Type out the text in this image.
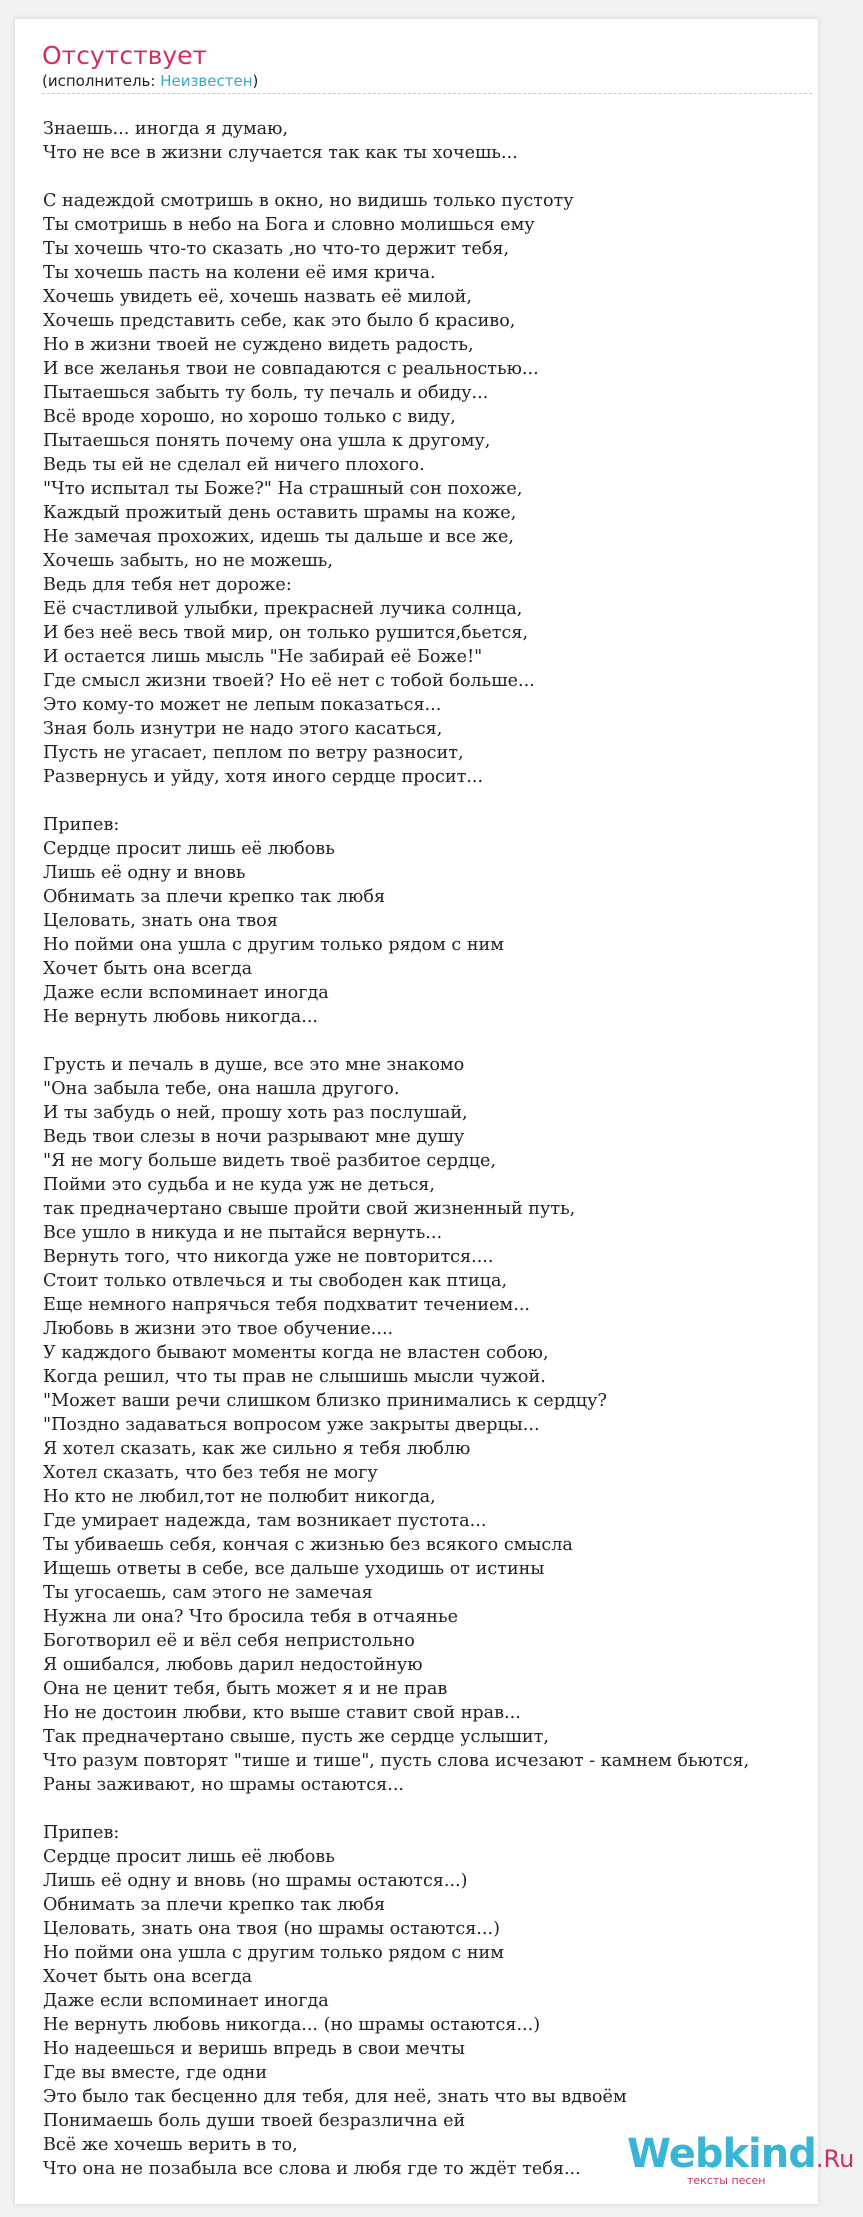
Отсутствует
(исполнитель: Неизвестен)
Знаешь... иногда я думаю,
Что не все в жизни случается так как ты хочешь...
С надеждой смотришь в окно, но видишь только пустоту
Ты смотришь в небо на Бога и словно молишься ему
Ты хочешь что-то сказать ,но что-то держит тебя,
Ты хочешь пасть на колени её имя крича.
Хочешь увидеть её, хочешь назвать её милой,
Хочешь представить себе, как это было б красиво,
Но в жизни твоей не суждено видеть радость,
И все желанья твои не совпадаются с реальностью...
Пытаешься забыть ту боль, ту печаль и обиду...
Всё вроде хорошо, но хорошо только с виду,
Пытаешься понять почему она ушла к другому,
Ведь ты ей не сделал ей ничего плохого.
"Что испытал ты Боже?" На страшный сон похоже,
Каждый прожитый день оставить шрамы на коже,
Не замечая прохожих, идешь ты дальше и все же,
Хочешь забыть, но не можешь,
Ведь для тебя нет дороже:
Её счастливой улыбки, прекрасней лучика солнца,
И без неё весь твой мир, он только рушится,бьется,
И остается лишь мысль "Не забирай её Боже!"
Где смысл жизни твоей? Но её нет с тобой больше...
Это кому-то может не лепым показаться...
Зная боль изнутри не надо этого касаться,
Пусть не угасает, пеплом по ветру разносит,
Развернусь и уйду, хотя иного сердце просит...
Припев:
Сердце просит лишь её любовь
Лишь её одну и вновь
Обнимать за плечи крепко так любя
Целовать, знать она твоя
Но пойми она ушла с другим только рядом с ним
Хочет быть она всегда
Даже если вспоминает иногда
Не вернуть любовь никогда...
Грусть и печаль в душе, все это мне знакомо
"Она забыла тебе, она нашла другого.
И ты забудь о ней, прошу хоть раз послушай,
Ведь твои слезы в ночи разрывают мне душу
"Я не могу больше видеть твоё разбитое сердце,
Пойми это судьба и не куда уж не деться,
так предначертано свыше пройти свой жизненный путь,
Все ушло в никуда и не пытайся вернуть...
Вернуть того, что никогда уже не повторится....
Стоит только отвлечься и ты свободен как птица,
Еще немного напрячься тебя подхватит течением...
Любовь в жизни это твое обучение....
У кадждого бывают моменты когда не властен собою,
Когда решил, что ты прав не слышишь мысли чужой.
"Может ваши речи слишком близко принимались к сердцу?
"Поздно задаваться вопросом уже закрыты дверцы...
Я хотел сказать, как же сильно я тебя люблю
Хотел сказать, что без тебя не могу
Но кто не любил,тот не полюбит никогда,
Где умирает надежда, там возникает пустота...
Ты убиваешь себя, кончая с жизнью без всякого смысла
Ищешь ответы в себе, все дальше уходишь от истины
Ты угосаешь, сам этого не замечая
Нужна ли она? Что бросила тебя в отчаянье
Боготворил её и вёл себя непристольно
Я ошибался, любовь дарил недостойную
Она не ценит тебя, быть может я и не прав
Но не достоин любви, кто выше ставит свой нрав...
Так предначертано свыше, пусть же сердце услышит,
Что разум повторят "тише и тише", пусть слова исчезают - камнем бьются,
Раны заживают, но шрамы остаются...
Припев:
Сердце просит лишь её любовь
Лишь её одну и вновь (но шрамы остаются...)
Обнимать за плечи крепко так любя
Целовать, знать она твоя (но шрамы остаются...)
Но пойми она ушла с другим только рядом с ним
Хочет быть она всегда
Даже если вспоминает иногда
Не вернуть любовь никогда... (но шрамы остаются...)
Но надеешься и веришь впредь в свои мечты
Где вы вместе, где одни
Это было так бесценно для тебя, для неё, знать что вы вдвоём
Понимаешь боль души твоей безразлична ей
Всё же хочешь верить в то,
Что она не позабыла все слова и любя где то ждёт тебя...	Webkind.Ru
тексты песен
